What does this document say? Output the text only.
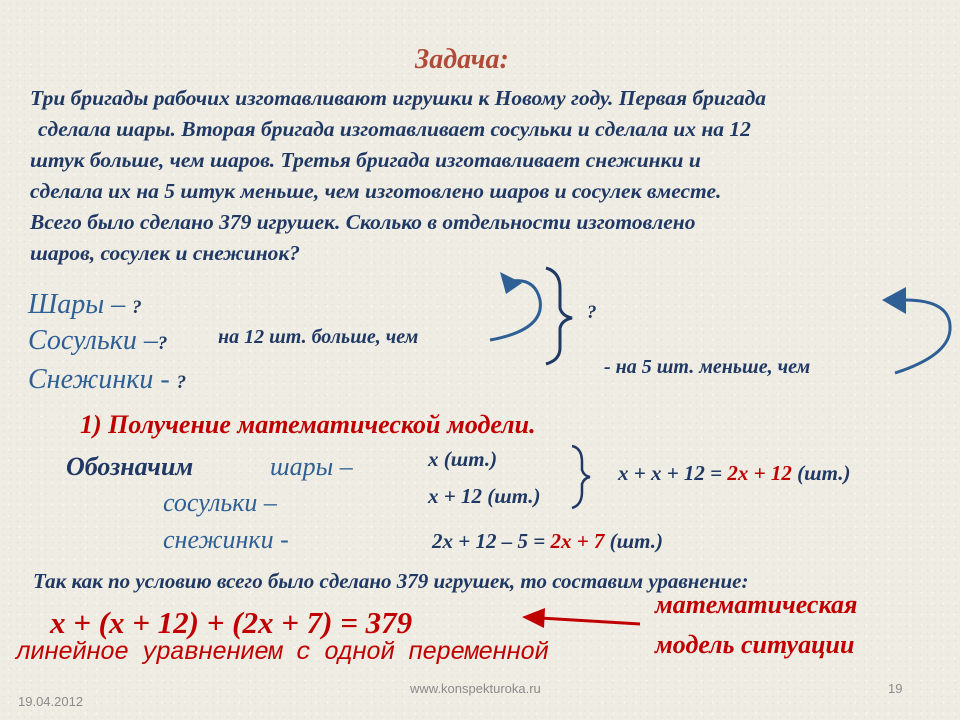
Задача:
Три бригады рабочих изготавливают игрушки к Новому году. Первая бригада
сделала шары. Вторая бригада изготавливает сосульки и сделала их на 12
штук больше, чем шаров. Третья бригада изготавливает снежинки и
сделала их на 5 штук меньше, чем изготовлено шаров и сосулек вместе.
Всего было сделано 379 игрушек. Сколько в отдельности изготовлено
шаров, сосулек и снежинок?
Шары – ?
Сосульки –?
Снежинки - ?
на 12 шт. больше, чем
?
- на 5 шт. меньше, чем
1) Получение математической модели.
Обозначим	шары –
сосульки –
снежинки -
x (шт.)
x + 12 (шт.)
2x + 12 – 5 = 2x + 7 (шт.)
x + x + 12 = 2x + 12 (шт.)
Так как по условию всего было сделано 379 игрушек, то составим уравнение:
x + (x + 12) + (2x + 7) = 379
линейное уравнением с одной переменной
математическая
модель ситуации
19.04.2012
www.konspekturoka.ru	19
